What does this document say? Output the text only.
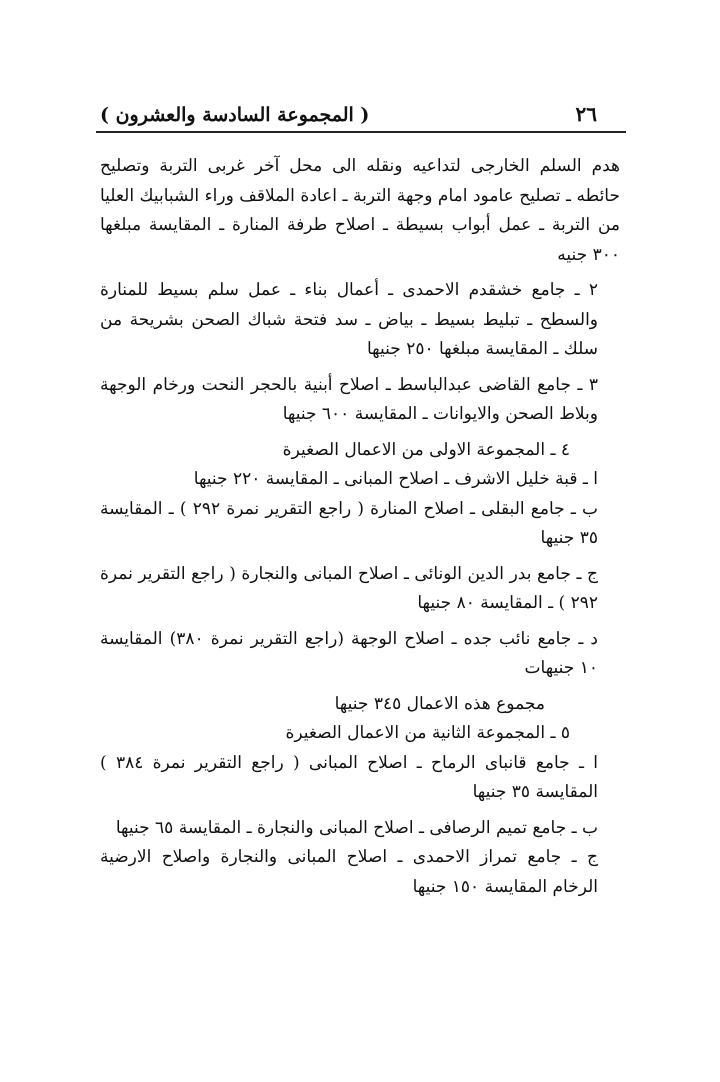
( المجموعة السادسة والعشرون )	٢٦

هدم السلم الخارجى لتداعيه ونقله الى محل آخر غربى التربة وتصليح حائطه ـ تصليح عامود امام وجهة التربة ـ اعادة الملاقف وراء الشبابيك العليا من التربة ـ عمل أبواب بسيطة ـ اصلاح طرفة المنارة ـ المقايسة مبلغها ٣٠٠ جنيه

٢ ـ جامع خشقدم الاحمدى ـ أعمال بناء ـ عمل سلم بسيط للمنارة والسطح ـ تبليط بسيط ـ بياض ـ سد فتحة شباك الصحن بشريحة من سلك ـ المقايسة مبلغها ٢٥٠ جنيها

٣ ـ جامع القاضى عبدالباسط ـ اصلاح أبنية بالحجر النحت ورخام الوجهة وبلاط الصحن والايوانات ـ المقايسة ٦٠٠ جنيها

٤ ـ المجموعة الاولى من الاعمال الصغيرة

ا ـ قبة خليل الاشرف ـ اصلاح المبانى ـ المقايسة ٢٢٠ جنيها

ب ـ جامع البقلى ـ اصلاح المنارة ( راجع التقرير نمرة ٢٩٢ ) ـ المقايسة ٣٥ جنيها

ج ـ جامع بدر الدين الونائى ـ اصلاح المبانى والنجارة ( راجع التقرير نمرة ٢٩٢ ) ـ المقايسة ٨٠ جنيها

د ـ جامع نائب جده ـ اصلاح الوجهة (راجع التقرير نمرة ٣٨٠) المقايسة ١٠ جنيهات

مجموع هذه الاعمال ٣٤٥ جنيها

٥ ـ المجموعة الثانية من الاعمال الصغيرة

ا ـ جامع قانباى الرماح ـ اصلاح المبانى ( راجع التقرير نمرة ٣٨٤ ) المقايسة ٣٥ جنيها

ب ـ جامع تميم الرصافى ـ اصلاح المبانى والنجارة ـ المقايسة ٦٥ جنيها

ج ـ جامع تمراز الاحمدى ـ اصلاح المبانى والنجارة واصلاح الارضية الرخام المقايسة ١٥٠ جنيها
